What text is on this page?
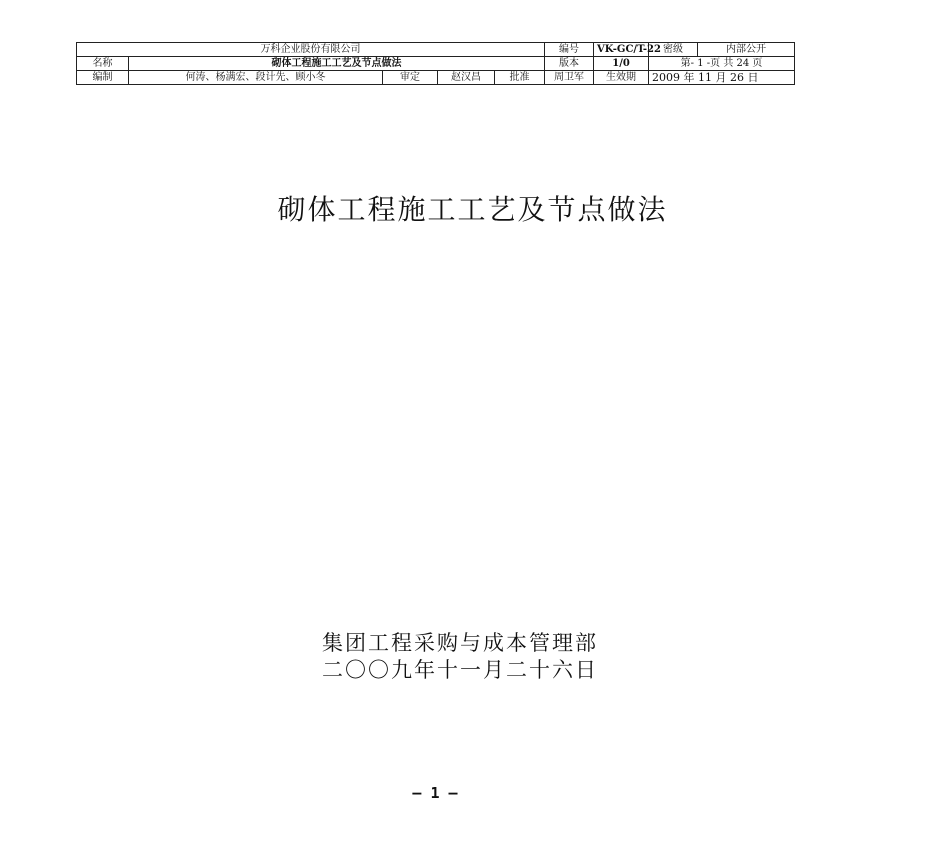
万科企业股份有限公司					编号	VK-GC/T-22	密级	内部公开
名称	砌体工程施工工艺及节点做法				版本	1/0	第- 1 -页 共 24 页	
编制	何涛、杨满宏、段计先、顾小冬	审定	赵汉昌	批准	周卫军	生效期	2009 年 11 月 26 日	
砌体工程施工工艺及节点做法
集团工程采购与成本管理部
二〇〇九年十一月二十六日
– 1 –
